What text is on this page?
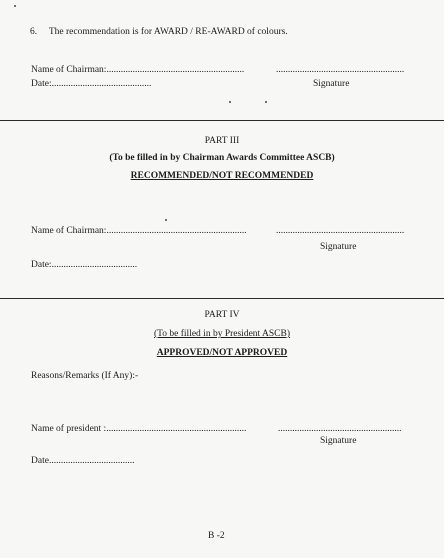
6. The recommendation is for AWARD / RE-AWARD of colours.
Name of Chairman:..........................................................	......................................................
Date:..........................................	Signature
PART III
(To be filled in by Chairman Awards Committee ASCB)
RECOMMENDED/NOT RECOMMENDED
Name of Chairman:...........................................................	......................................................
Signature
Date:....................................
PART IV
(To be filled in by President ASCB)
APPROVED/NOT APPROVED
Reasons/Remarks (If Any):-
Name of president :...........................................................	....................................................
Signature
Date....................................
B -2
